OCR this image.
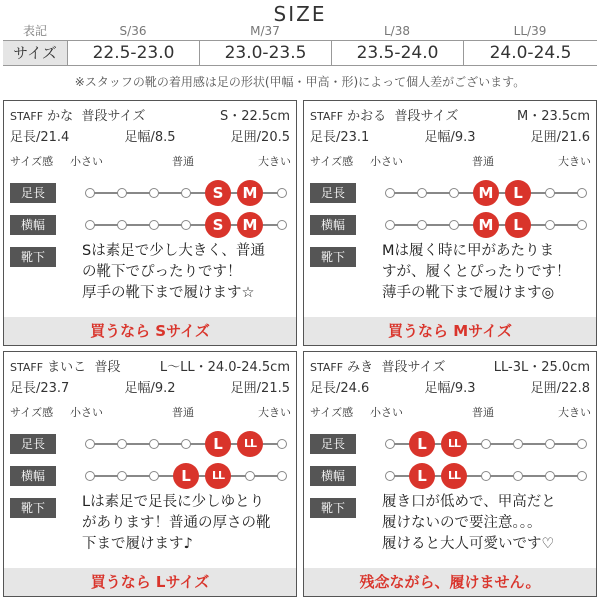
SIZE
表記	S/36	M/37	L/38	LL/39
サイズ	22.5-23.0	23.0-23.5	23.5-24.0	24.0-24.5
※スタッフの靴の着用感は足の形状(甲幅・甲高・形)によって個人差がございます。
STAFF かな 普段サイズ	S・22.5cm
足長/21.4	足幅/8.5	足囲/20.5
サイズ感 小さい	普通	大きい
足長	S	M
横幅	S	M
靴下	Sは素足で少し大きく、普通
の靴下でぴったりです！
厚手の靴下まで履けます☆
買うなら Sサイズ
STAFF かおる 普段サイズ	M・23.5cm
足長/23.1	足幅/9.3	足囲/21.6
サイズ感 小さい	普通	大きい
足長	M	L
横幅	M	L
靴下	Mは履く時に甲があたりま
すが、履くとぴったりです！
薄手の靴下まで履けます◎
買うなら Mサイズ
STAFF まいこ 普段	L〜LL・24.0-24.5cm
足長/23.7	足幅/9.2	足囲/21.5
サイズ感 小さい	普通	大きい
足長	L	LL
横幅	L	LL
靴下	Lは素足で足長に少しゆとり
があります！普通の厚さの靴
下まで履けます♪
買うなら Lサイズ
STAFF みき 普段サイズ	LL-3L・25.0cm
足長/24.6	足幅/9.3	足囲/22.8
サイズ感 小さい	普通	大きい
足長	L	LL
横幅	L	LL
靴下	履き口が低めで、甲高だと
履けないので要注意。。。
履けると大人可愛いです♡
残念ながら、履けません。
